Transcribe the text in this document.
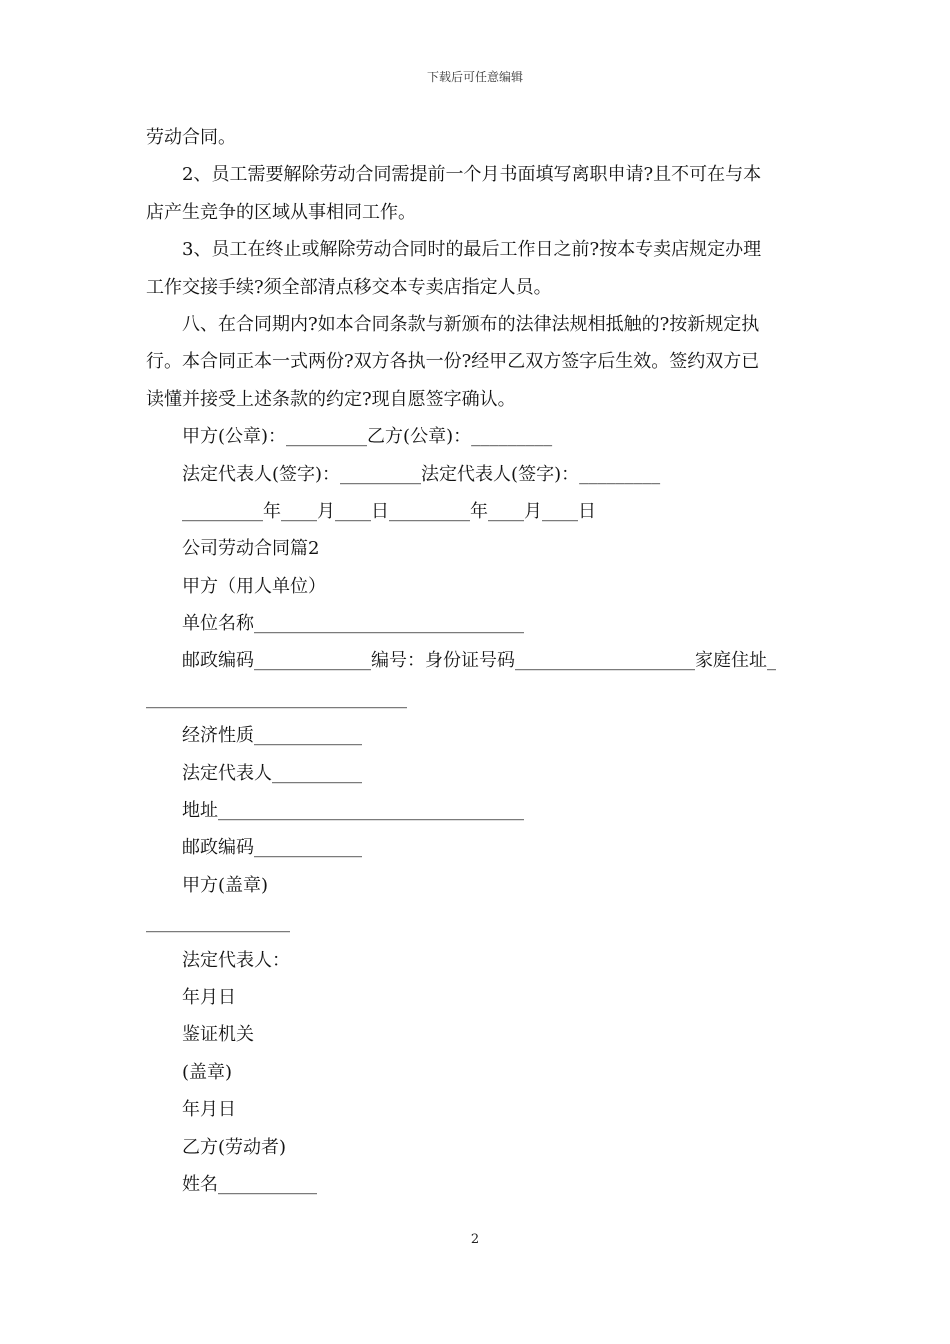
下载后可任意编辑
劳动合同。
2、员工需要解除劳动合同需提前一个月书面填写离职申请?且不可在与本
店产生竞争的区域从事相同工作。
3、员工在终止或解除劳动合同时的最后工作日之前?按本专卖店规定办理
工作交接手续?须全部清点移交本专卖店指定人员。
八、在合同期内?如本合同条款与新颁布的法律法规相抵触的?按新规定执
行。本合同正本一式两份?双方各执一份?经甲乙双方签字后生效。签约双方已
读懂并接受上述条款的约定?现自愿签字确认。
甲方(公章)：_________乙方(公章)：_________
法定代表人(签字)：_________法定代表人(签字)：_________
_________年____月____日_________年____月____日
公司劳动合同篇2
甲方（用人单位）
单位名称______________________________
邮政编码_____________编号：身份证号码____________________家庭住址_
_____________________________
经济性质____________
法定代表人__________
地址__________________________________
邮政编码____________
甲方(盖章)
________________
法定代表人：
年月日
鉴证机关
(盖章)
年月日
乙方(劳动者)
姓名___________
2
